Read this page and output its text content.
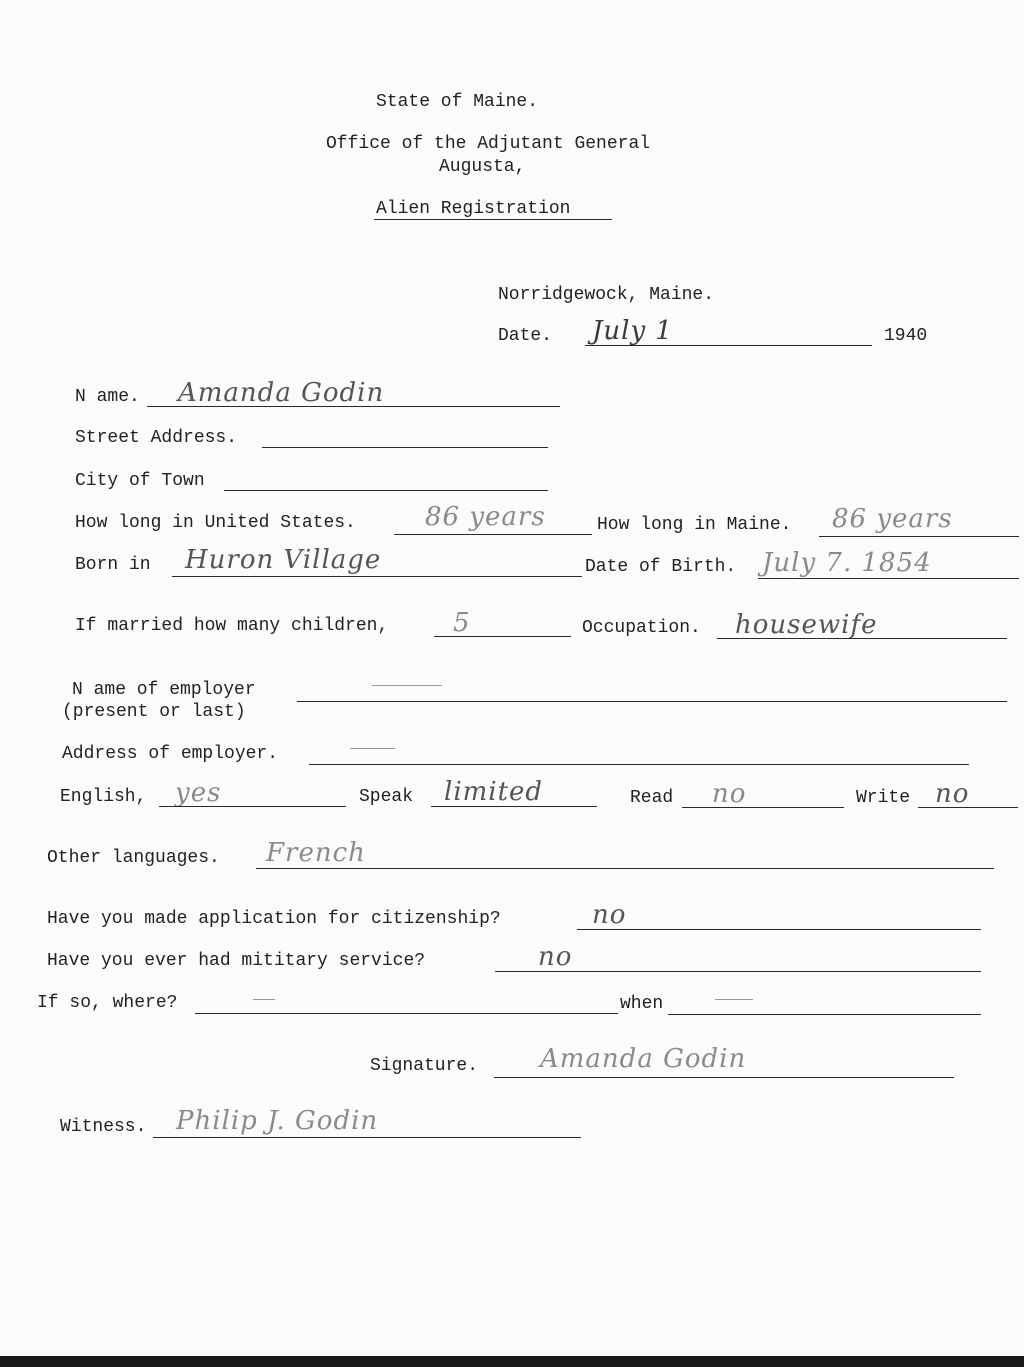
State of Maine.
Office of the Adjutant General
Augusta,
Alien Registration
Norridgewock, Maine.
Date. July 1	1940
N ame. Amanda Godin
Street Address.
City of Town
How long in United States.	86 years	How long in Maine. 86 years
Born in Huron Village	Date of Birth. July 7. 1854
If married how many children, 5	Occupation. housewife
N ame of employer
(present or last)
Address of employer.
English, yes	Speak limited	Read no	Write no
Other languages. French
Have you made application for citizenship?	no
Have you ever had mititary service?	no
If so, where?	when
Signature. Amanda Godin
Witness. Philip J. Godin
